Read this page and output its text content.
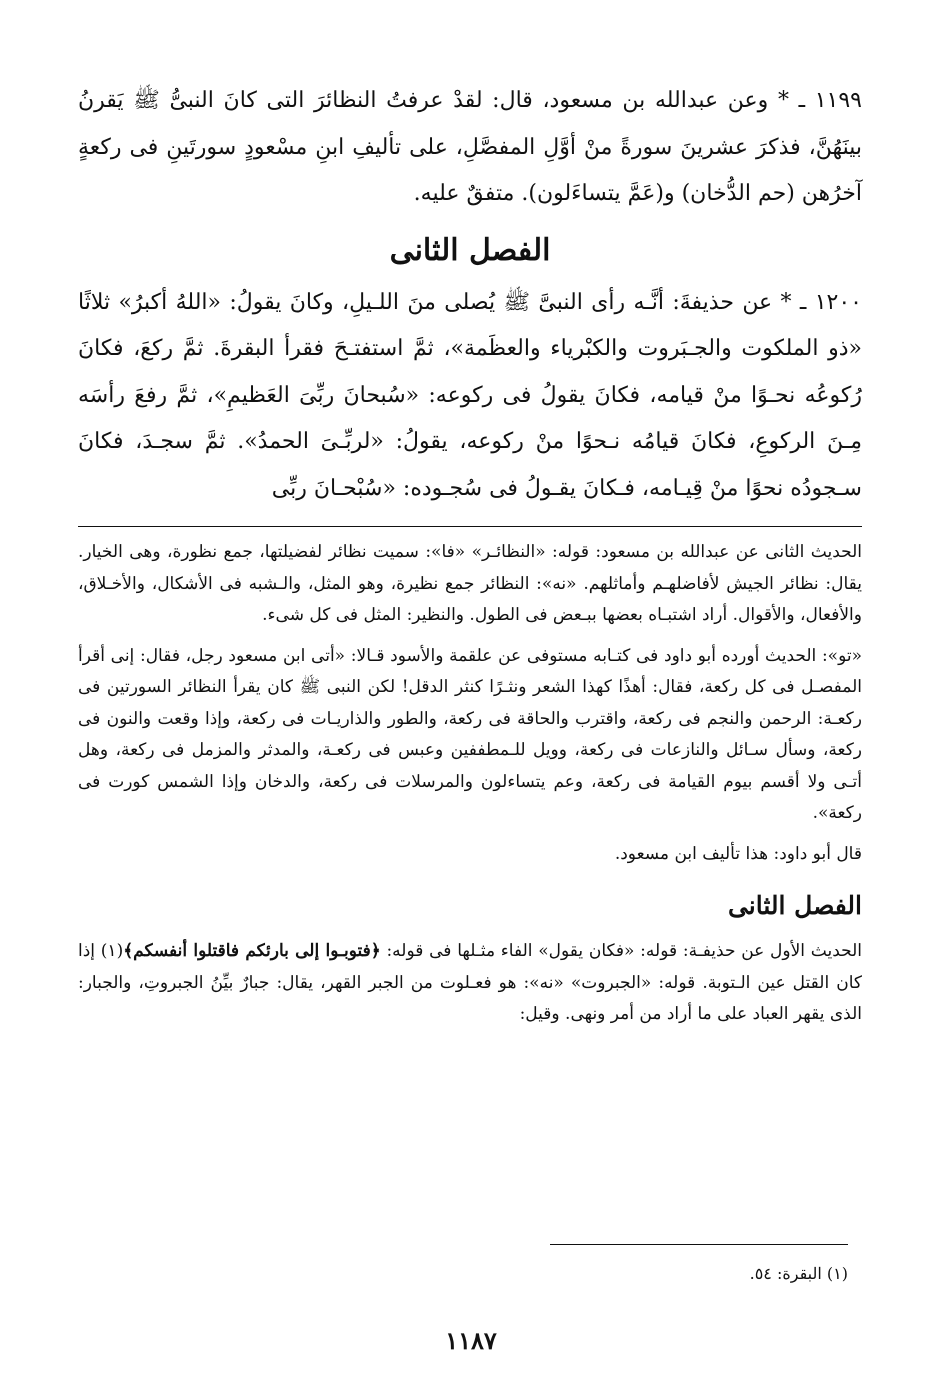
١١٩٩ ـ * وعن عبدالله بن مسعود، قال: لقدْ عرفتُ النظائرَ التى كانَ النبىُّ ﷺ يَقرنُ بينَهُنَّ، فذكرَ عشرينَ سورةً منْ أوَّلِ المفصَّلِ، على تأليفِ ابنِ مسْعودٍ سورتَينِ فى ركعةٍ آخرُهن (حم الدُّخان) و(عَمَّ يتساءَلون). متفقٌ عليه.

الفصل الثانى

١٢٠٠ ـ * عن حذيفةَ: أنَّـه رأى النبىَّ ﷺ يُصلى منَ اللـيلِ، وكانَ يقولُ: «اللهُ أكبرُ» ثلاثًا «ذو الملكوت والجـبَروت والكبْرياء والعظَمة»، ثمَّ استفتـحَ فقرأ البقرةَ. ثمَّ ركعَ، فكانَ رُكوعُه نحـوًا منْ قيامه، فكانَ يقولُ فى ركوعه: «سُبحانَ ربِّىَ العَظيمِ»، ثمَّ رفعَ رأسَه مِـنَ الركوعِ، فكانَ قيامُه نـحوًا منْ ركوعه، يقولُ: «لربِّـىَ الحمدُ». ثمَّ سجـدَ، فكانَ سـجودُه نحوًا منْ قِيـامه، فـكانَ يقـولُ فى سُجـوده: «سُبْحـانَ ربِّى

الحديث الثانى عن عبدالله بن مسعود: قوله: «النظائـر» «فا»: سميت نظائر لفضيلتها، جمع نظورة، وهى الخيار. يقال: نظائر الجيش لأفاضلهـم وأماثلهم. «نه»: النظائر جمع نظيرة، وهو المثل، والـشبه فى الأشكال، والأخـلاق، والأفعال، والأقوال. أراد اشتبـاه بعضها ببـعض فى الطول. والنظير: المثل فى كل شىء.

«تو»: الحديث أورده أبو داود فى كتـابه مستوفى عن علقمة والأسود قـالا: «أتى ابن مسعود رجل، فقال: إنى أقرأ المفصـل فى كل ركعة، فقال: أهذًا كهذا الشعر ونثـرًا كنثر الدقل! لكن النبى ﷺ كان يقرأ النظائر السورتين فى ركعـة: الرحمن والنجم فى ركعة، واقترب والحاقة فى ركعة، والطور والذاريـات فى ركعة، وإذا وقعت والنون فى ركعة، وسأل سـائل والنازعات فى ركعة، وويل للـمطففين وعبس فى ركعـة، والمدثر والمزمل فى ركعة، وهل أتـى ولا أقسم بيوم القيامة فى ركعة، وعم يتساءلون والمرسلات فى ركعة، والدخان وإذا الشمس كورت فى ركعة».

قال أبو داود: هذا تأليف ابن مسعود.

الفصل الثانى

الحديث الأول عن حذيفـة: قوله: «فكان يقول» الفاء مثـلها فى قوله: ﴿فتوبـوا إلى بارئكم فاقتلوا أنفسكم﴾(١) إذا كان القتل عين الـتوبة. قوله: «الجبروت» «نه»: هو فعـلوت من الجبر القهر، يقال: جبارٌ بيِّنُ الجبروتِ، والجبار: الذى يقهر العباد على ما أراد من أمر ونهى. وقيل:

(١) البقرة: ٥٤.
١١٨٧
